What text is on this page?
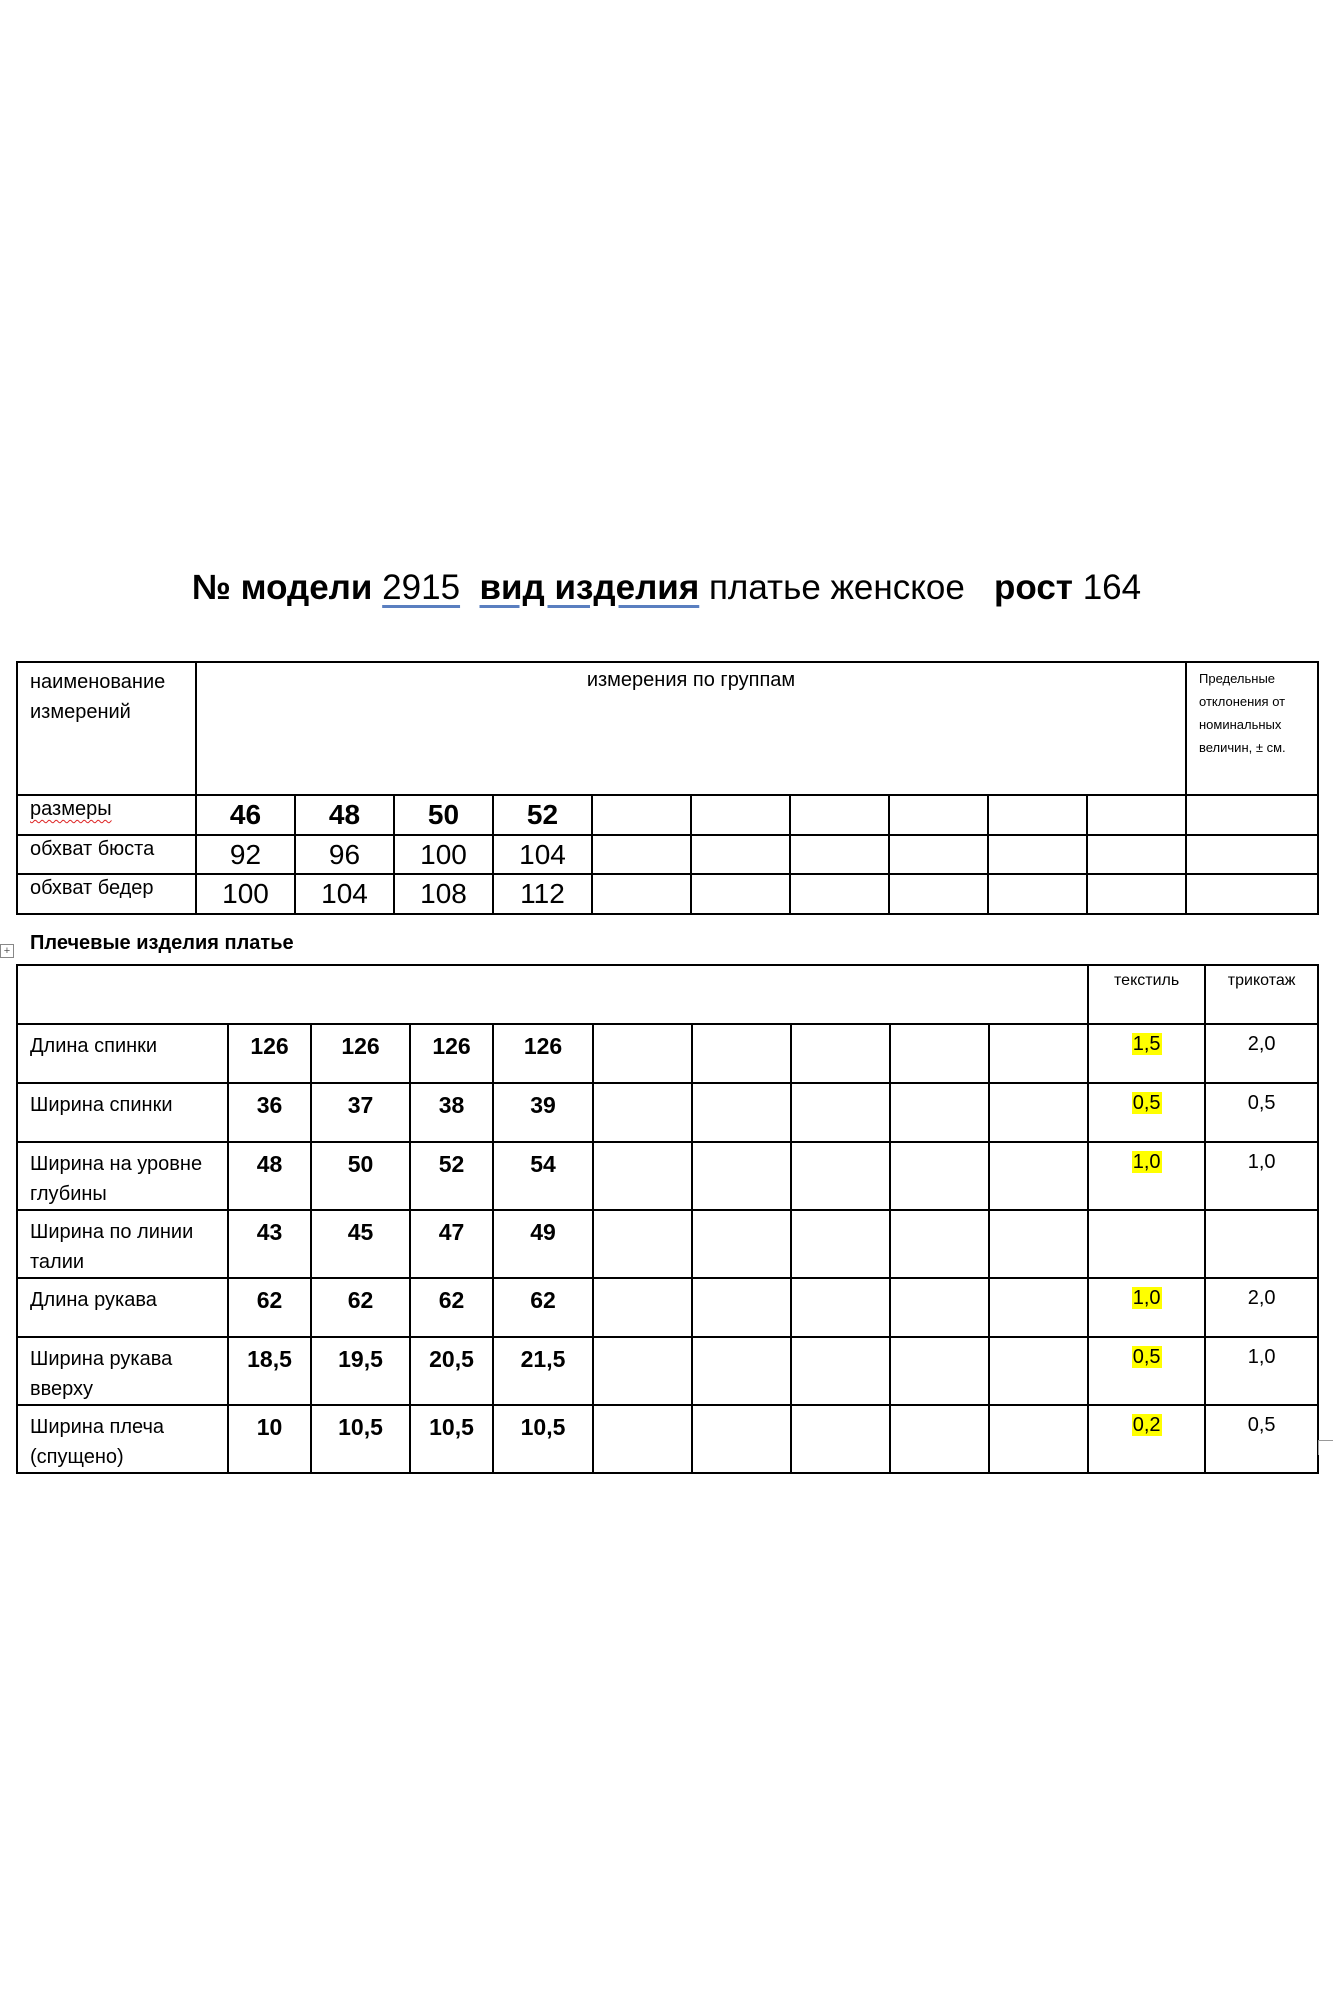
№ модели 2915 вид изделия платье женское рост 164
наименование измерений	измерения по группам										Предельные отклонения от номинальных величин, ± см.
размеры	46	48	50	52							
обхват бюста	92	96	100	104							
обхват бедер	100	104	108	112							
+ Плечевые изделия платье
										текстиль	трикотаж
Длина спинки	126	126	126	126						1,5	2,0
Ширина спинки	36	37	38	39						0,5	0,5
Ширина на уровне глубины	48	50	52	54						1,0	1,0
Ширина по линии талии	43	45	47	49							
Длина рукава	62	62	62	62						1,0	2,0
Ширина рукава вверху	18,5	19,5	20,5	21,5						0,5	1,0
Ширина плеча (спущено)	10	10,5	10,5	10,5						0,2	0,5
